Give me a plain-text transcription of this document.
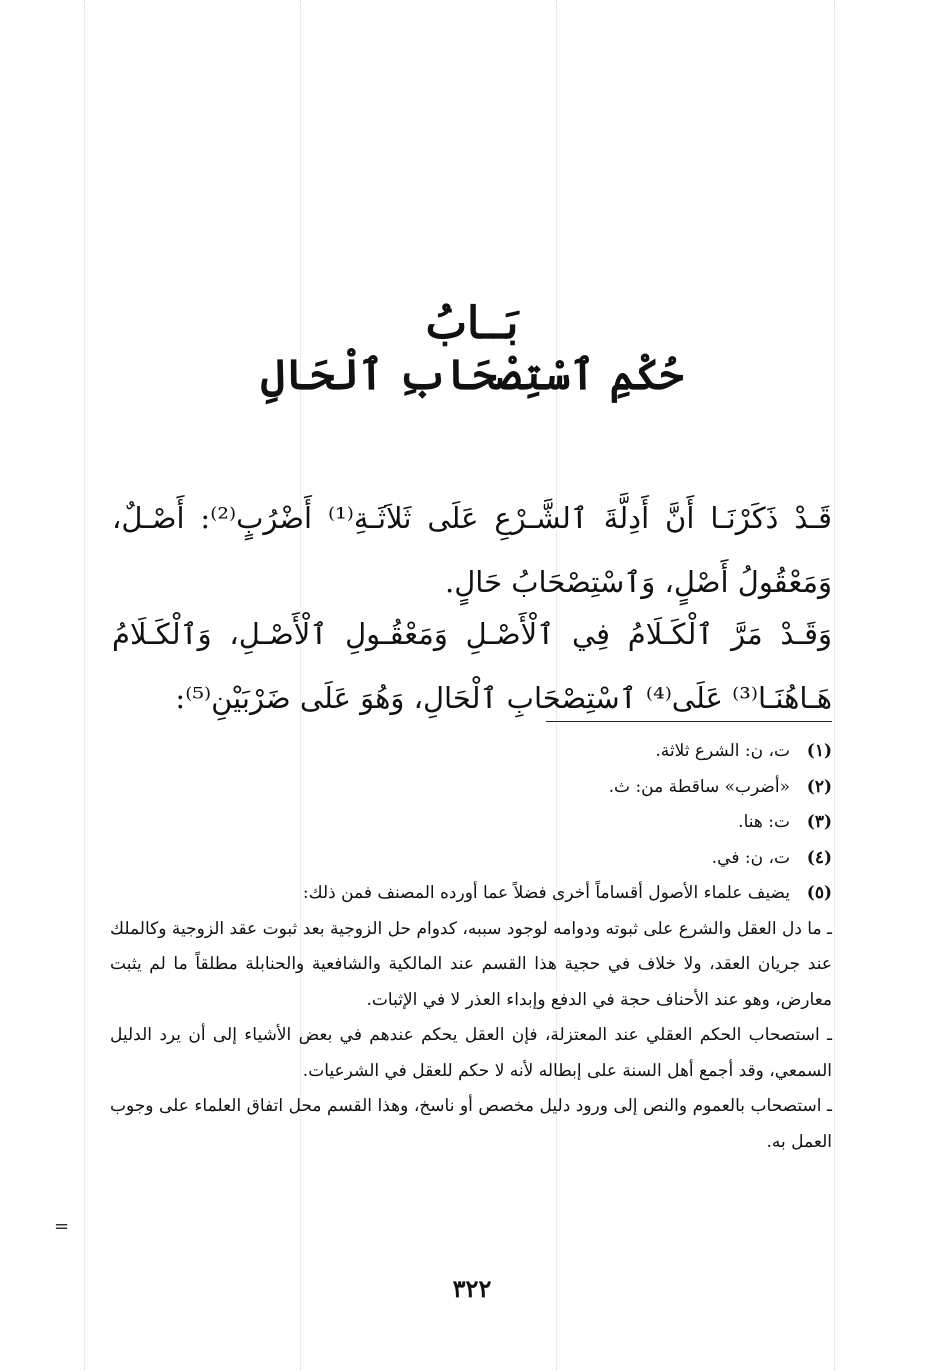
بَــابُ
حُكْمِ ٱسْتِصْحَابِ ٱلْحَالِ
قَـدْ ذَكَرْنَـا أَنَّ أَدِلَّةَ ٱلشَّـرْعِ عَلَى ثَلاَثَـةِ⁽¹⁾ أَضْرُبٍ⁽²⁾: أَصْـلٌ، وَمَعْقُولُ أَصْلٍ، وَٱسْتِصْحَابُ حَالٍ.
وَقَـدْ مَرَّ ٱلْكَـلَامُ فِي ٱلْأَصْـلِ وَمَعْقُـولِ ٱلْأَصْـلِ، وَٱلْكَـلَامُ هَـاهُنَـا⁽³⁾ عَلَى⁽⁴⁾ ٱسْتِصْحَابِ ٱلْحَالِ، وَهُوَ عَلَى ضَرْبَيْنِ⁽⁵⁾:
(١)
ت، ن: الشرع ثلاثة.
(٢)
«أضرب» ساقطة من: ث.
(٣)
ت: هنا.
(٤)
ت، ن: في.
(٥)
يضيف علماء الأصول أقساماً أخرى فضلاً عما أورده المصنف فمن ذلك:
ـ ما دل العقل والشرع على ثبوته ودوامه لوجود سببه، كدوام حل الزوجية بعد ثبوت عقد الزوجية وكالملك عند جريان العقد، ولا خلاف في حجية هذا القسم عند المالكية والشافعية والحنابلة مطلقاً ما لم يثبت معارض، وهو عند الأحناف حجة في الدفع وإبداء العذر لا في الإثبات.
ـ استصحاب الحكم العقلي عند المعتزلة، فإن العقل يحكم عندهم في بعض الأشياء إلى أن يرد الدليل السمعي، وقد أجمع أهل السنة على إبطاله لأنه لا حكم للعقل في الشرعيات.
ـ استصحاب بالعموم والنص إلى ورود دليل مخصص أو ناسخ، وهذا القسم محل اتفاق العلماء على وجوب العمل به.
=
٣٢٢
